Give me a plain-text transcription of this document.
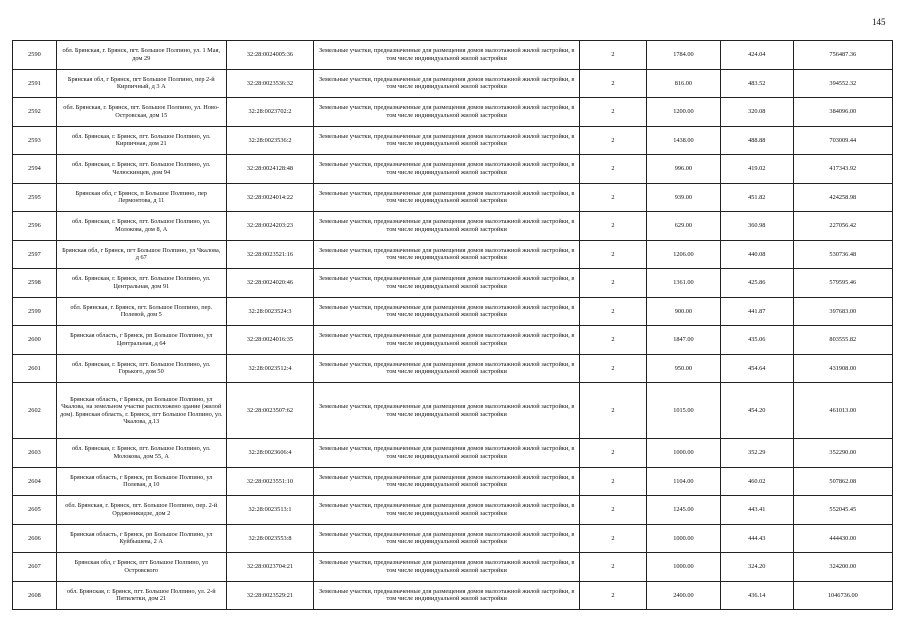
145
2590	обл. Брянская, г. Брянск, пгт. Большое Полпино, ул. 1 Мая, дом 29	32:28:0024005:36	Земельные участки, предназначенные для размещения домов малоэтажной жилой застройки, в том числе индивидуальной жилой застройки	2	1784.00	424.04	756487.36
2591	Брянская обл, г Брянск, пгт Большое Полпино, пер 2-й Кирпичный, д 3 А	32:28:0023536:32	Земельные участки, предназначенные для размещения домов малоэтажной жилой застройки, в том числе индивидуальной жилой застройки	2	816.00	483.52	394552.32
2592	обл. Брянская, г. Брянск, пгт. Большое Полпино, ул. Ново-Островская, дом 15	32:28:0023702:2	Земельные участки, предназначенные для размещения домов малоэтажной жилой застройки, в том числе индивидуальной жилой застройки	2	1200.00	320.08	384096.00
2593	обл. Брянская, г. Брянск, пгт. Большое Полпино, ул. Кирпичная, дом 21	32:28:0023536:2	Земельные участки, предназначенные для размещения домов малоэтажной жилой застройки, в том числе индивидуальной жилой застройки	2	1438.00	488.88	703009.44
2594	обл. Брянская, г. Брянск, пгт. Большое Полпино, ул. Челюскинцев, дом 94	32:28:0024128:48	Земельные участки, предназначенные для размещения домов малоэтажной жилой застройки, в том числе индивидуальной жилой застройки	2	996.00	419.02	417343.92
2595	Брянская обл, г Брянск, п Большое Полпино, пер Лермонтова, д 11	32:28:0024014:22	Земельные участки, предназначенные для размещения домов малоэтажной жилой застройки, в том числе индивидуальной жилой застройки	2	939.00	451.82	424258.98
2596	обл. Брянская, г. Брянск, пгт. Большое Полпино, ул. Молокова, дом 8, А	32:28:0024203:23	Земельные участки, предназначенные для размещения домов малоэтажной жилой застройки, в том числе индивидуальной жилой застройки	2	629.00	360.98	227056.42
2597	Брянская обл, г Брянск, пгт Большое Полпино, ул Чкалова, д 67	32:28:0023521:16	Земельные участки, предназначенные для размещения домов малоэтажной жилой застройки, в том числе индивидуальной жилой застройки	2	1206.00	440.08	530736.48
2598	обл. Брянская, г. Брянск, пгт. Большое Полпино, ул. Центральная, дом 91	32:28:0024020:46	Земельные участки, предназначенные для размещения домов малоэтажной жилой застройки, в том числе индивидуальной жилой застройки	2	1361.00	425.86	579595.46
2599	обл. Брянская, г. Брянск, пгт. Большое Полпино, пер. Полевой, дом 5	32:28:0023524:3	Земельные участки, предназначенные для размещения домов малоэтажной жилой застройки, в том числе индивидуальной жилой застройки	2	900.00	441.87	397683.00
2600	Брянская область, г Брянск, рп Большое Полпино, ул Центральная, д 64	32:28:0024016:35	Земельные участки, предназначенные для размещения домов малоэтажной жилой застройки, в том числе индивидуальной жилой застройки	2	1847.00	435.06	803555.82
2601	обл. Брянская, г. Брянск, пгт. Большое Полпино, ул. Горького, дом 50	32:28:0023512:4	Земельные участки, предназначенные для размещения домов малоэтажной жилой застройки, в том числе индивидуальной жилой застройки	2	950.00	454.64	431908.00
2602	Брянская область, г Брянск, рп Большое Полпино, ул Чкалова, на земельном участке расположено здание (жилой дом). Брянская область, г. Брянск, пгт Большое Полпино, ул. Чкалова, д.13	32:28:0023507:62	Земельные участки, предназначенные для размещения домов малоэтажной жилой застройки, в том числе индивидуальной жилой застройки	2	1015.00	454.20	461013.00
2603	обл. Брянская, г. Брянск, пгт. Большое Полпино, ул. Молокова, дом 55, А	32:28:0023606:4	Земельные участки, предназначенные для размещения домов малоэтажной жилой застройки, в том числе индивидуальной жилой застройки	2	1000.00	352.29	352290.00
2604	Брянская область, г Брянск, рп Большое Полпино, ул Полевая, д 10	32:28:0023551:10	Земельные участки, предназначенные для размещения домов малоэтажной жилой застройки, в том числе индивидуальной жилой застройки	2	1104.00	460.02	507862.08
2605	обл. Брянская, г. Брянск, пгт. Большое Полпино, пер. 2-й Орджоникидзе, дом 2	32:28:0023513:1	Земельные участки, предназначенные для размещения домов малоэтажной жилой застройки, в том числе индивидуальной жилой застройки	2	1245.00	443.41	552045.45
2606	Брянская область, г Брянск, рп Большое Полпино, ул Куйбышева, 2 А	32:28:0023553:8	Земельные участки, предназначенные для размещения домов малоэтажной жилой застройки, в том числе индивидуальной жилой застройки	2	1000.00	444.43	444430.00
2607	Брянская обл, г Брянск, пгт Большое Полпино, ул Островского	32:28:0023704:21	Земельные участки, предназначенные для размещения домов малоэтажной жилой застройки, в том числе индивидуальной жилой застройки	2	1000.00	324.20	324200.00
2608	обл. Брянская, г. Брянск, пгт. Большое Полпино, ул. 2-й Пятилетки, дом 21	32:28:0023529:21	Земельные участки, предназначенные для размещения домов малоэтажной жилой застройки, в том числе индивидуальной жилой застройки	2	2400.00	436.14	1046736.00
